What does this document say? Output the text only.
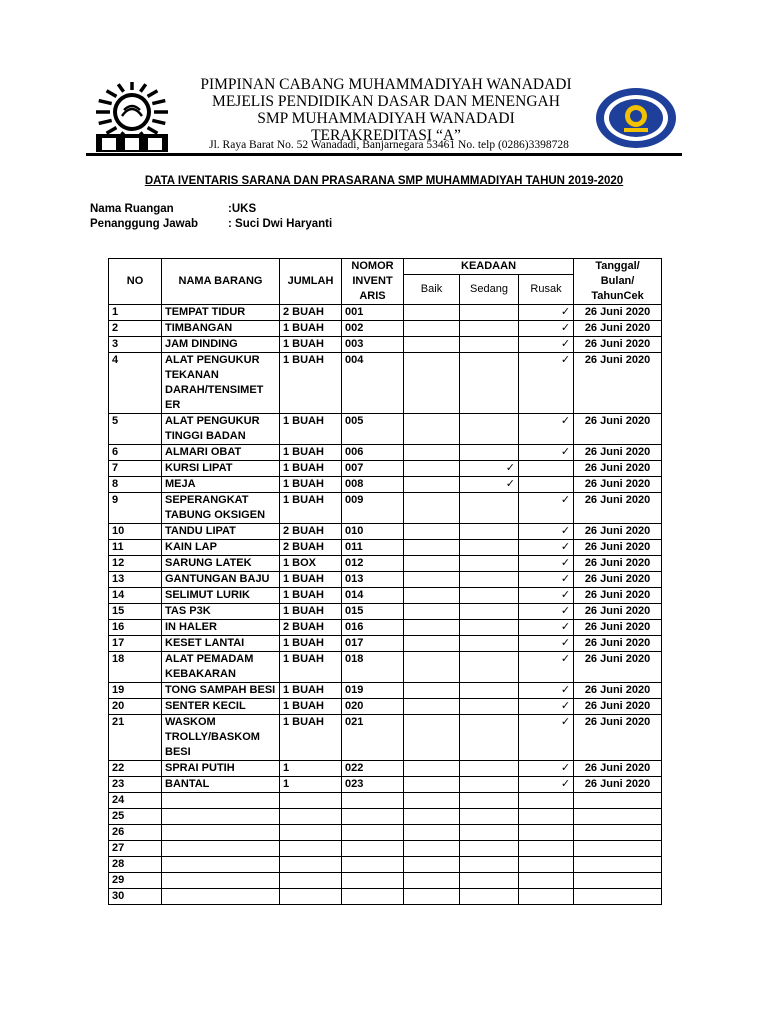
PIMPINAN CABANG MUHAMMADIYAH WANADADI
MEJELIS PENDIDIKAN DASAR DAN MENENGAH
SMP MUHAMMADIYAH WANADADI
TERAKREDITASI “A”
Jl. Raya Barat No. 52 Wanadadi, Banjarnegara 53461 No. telp (0286)3398728
DATA IVENTARIS SARANA DAN PRASARANA SMP MUHAMMADIYAH TAHUN 2019-2020
Nama Ruangan	:UKS
Penanggung Jawab	: Suci Dwi Haryanti
NO	NAMA BARANG	JUMLAH	NOMOR INVENT ARIS	KEADAAN			Tanggal/ Bulan/ TahunCek
				Baik	Sedang	Rusak	
1	TEMPAT TIDUR	2 BUAH	001			✓	26 Juni 2020
2	TIMBANGAN	1 BUAH	002			✓	26 Juni 2020
3	JAM DINDING	1 BUAH	003			✓	26 Juni 2020
4	ALAT PENGUKUR TEKANAN DARAH/TENSIMET ER	1 BUAH	004			✓	26 Juni 2020
5	ALAT PENGUKUR TINGGI BADAN	1 BUAH	005			✓	26 Juni 2020
6	ALMARI OBAT	1 BUAH	006			✓	26 Juni 2020
7	KURSI LIPAT	1 BUAH	007		✓		26 Juni 2020
8	MEJA	1 BUAH	008		✓		26 Juni 2020
9	SEPERANGKAT TABUNG OKSIGEN	1 BUAH	009			✓	26 Juni 2020
10	TANDU LIPAT	2 BUAH	010			✓	26 Juni 2020
11	KAIN LAP	2 BUAH	011			✓	26 Juni 2020
12	SARUNG LATEK	1 BOX	012			✓	26 Juni 2020
13	GANTUNGAN BAJU	1 BUAH	013			✓	26 Juni 2020
14	SELIMUT LURIK	1 BUAH	014			✓	26 Juni 2020
15	TAS P3K	1 BUAH	015			✓	26 Juni 2020
16	IN HALER	2 BUAH	016			✓	26 Juni 2020
17	KESET LANTAI	1 BUAH	017			✓	26 Juni 2020
18	ALAT PEMADAM KEBAKARAN	1 BUAH	018			✓	26 Juni 2020
19	TONG SAMPAH BESI	1 BUAH	019			✓	26 Juni 2020
20	SENTER KECIL	1 BUAH	020			✓	26 Juni 2020
21	WASKOM TROLLY/BASKOM BESI	1 BUAH	021			✓	26 Juni 2020
22	SPRAI PUTIH	1	022			✓	26 Juni 2020
23	BANTAL	1	023			✓	26 Juni 2020
24							
25							
26							
27							
28							
29							
30							
